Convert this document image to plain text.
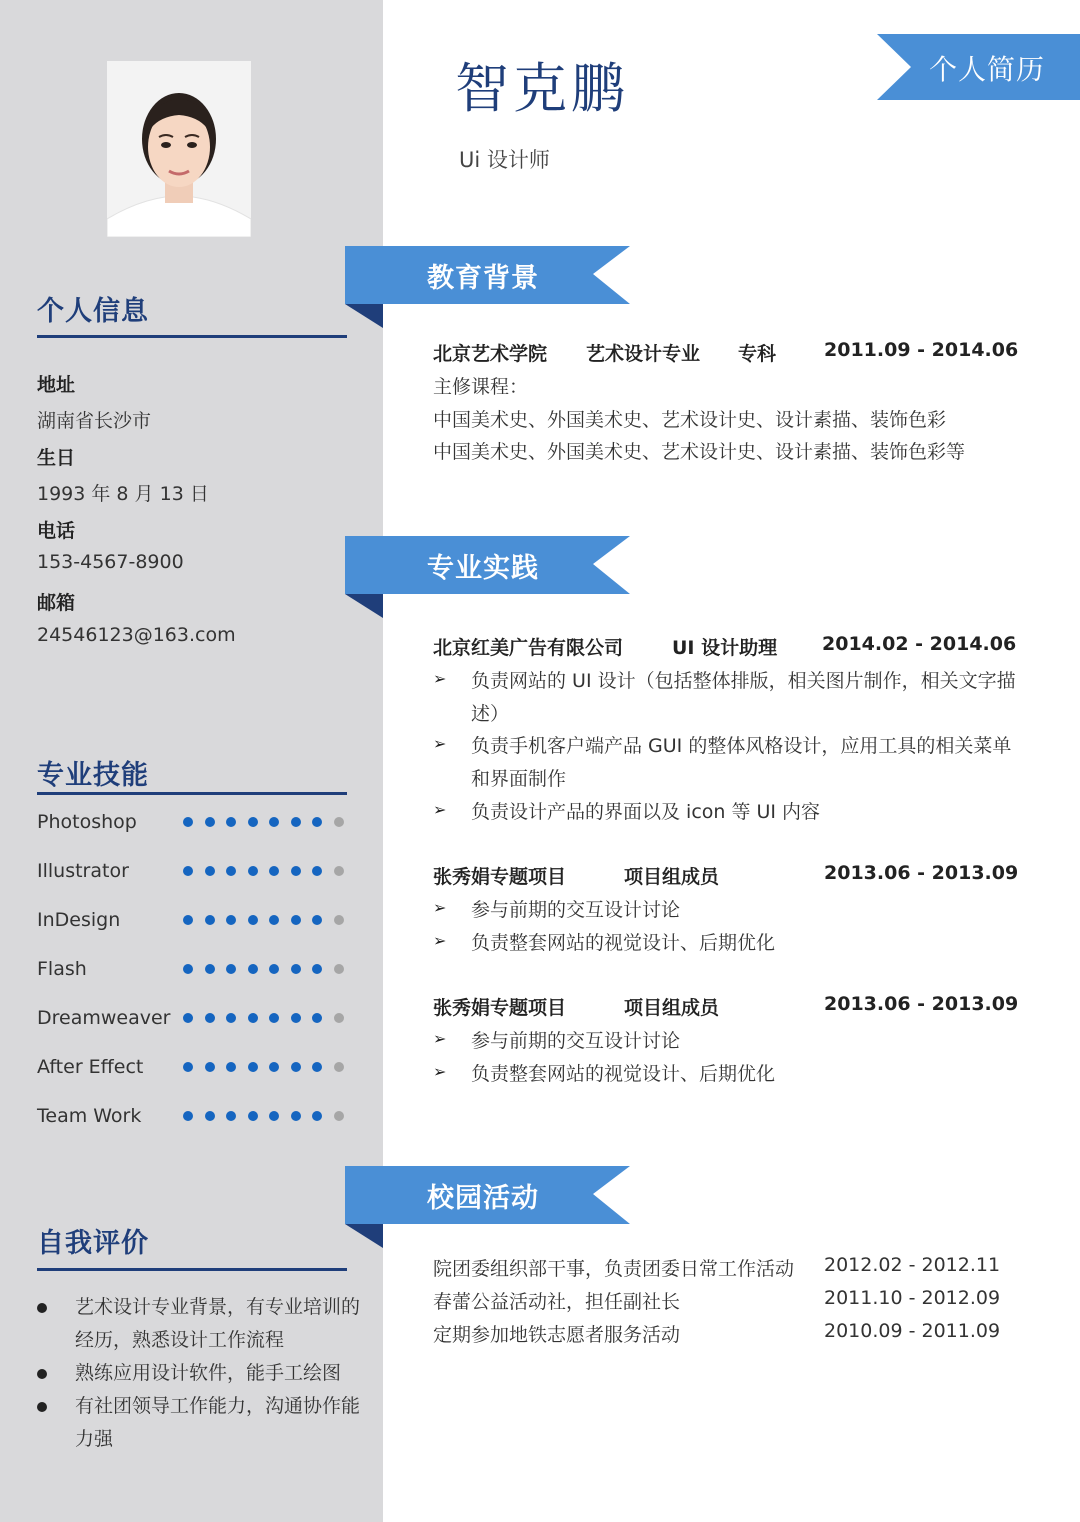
个人信息
地址
湖南省长沙市
生日
1993 年 8 月 13 日
电话
153-4567-8900
邮箱
24546123@163.com
专业技能
Photoshop
Illustrator
InDesign
Flash
Dreamweaver
After Effect
Team Work
自我评价
艺术设计专业背景，有专业培训的经历，熟悉设计工作流程
熟练应用设计软件，能手工绘图
有社团领导工作能力，沟通协作能力强
智克鹏
Ui 设计师
个人简历
教育背景
北京艺术学院 艺术设计专业 专科	2011.09 - 2014.06
主修课程：
中国美术史、外国美术史、艺术设计史、设计素描、装饰色彩
中国美术史、外国美术史、艺术设计史、设计素描、装饰色彩等
专业实践
北京红美广告有限公司	UI 设计助理 2014.02 - 2014.06
➢ 负责网站的 UI 设计（包括整体排版，相关图片制作，相关文字描
述）
➢ 负责手机客户端产品 GUI 的整体风格设计，应用工具的相关菜单
和界面制作
➢ 负责设计产品的界面以及 icon 等 UI 内容
张秀娟专题项目	项目组成员	2013.06 - 2013.09
➢ 参与前期的交互设计讨论
➢ 负责整套网站的视觉设计、后期优化
张秀娟专题项目	项目组成员	2013.06 - 2013.09
➢ 参与前期的交互设计讨论
➢ 负责整套网站的视觉设计、后期优化
校园活动
院团委组织部干事，负责团委日常工作活动 2012.02 - 2012.11
春蕾公益活动社，担任副社长	2011.10 - 2012.09
定期参加地铁志愿者服务活动	2010.09 - 2011.09
